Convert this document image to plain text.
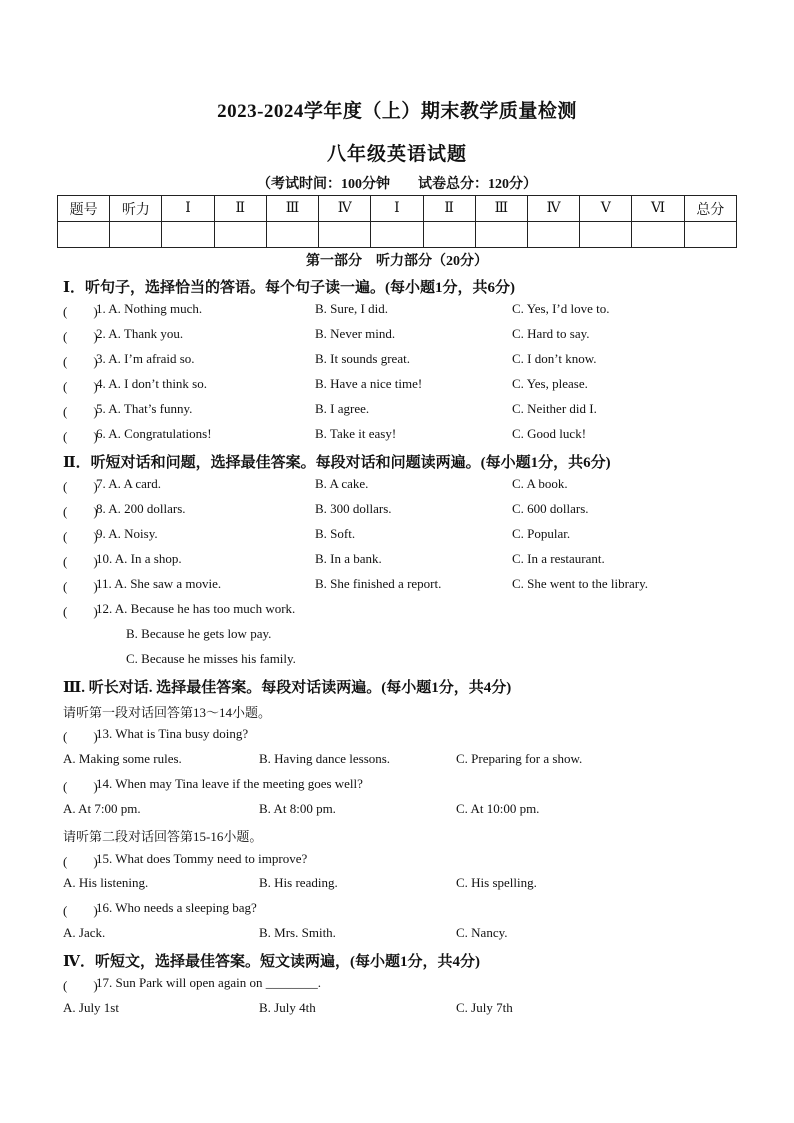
2023-2024学年度（上）期末教学质量检测
八年级英语试题
（考试时间：100分钟 试卷总分：120分）
题号	听力	Ⅰ	Ⅱ	Ⅲ	Ⅳ	Ⅰ	Ⅱ	Ⅲ	Ⅳ	Ⅴ	Ⅵ	总分

第一部分　听力部分（20分）
Ⅰ．听句子，选择恰当的答语。每个句子读一遍。(每小题1分，共6分)
(　　)
1. A. Nothing much.	B. Sure, I did.	C. Yes, I’d love to.
(　　)
2. A. Thank you.	B. Never mind.	C. Hard to say.
(　　)
3. A. I’m afraid so.	B. It sounds great.	C. I don’t know.
(　　)
4. A. I don’t think so.	B. Have a nice time!	C. Yes, please.
(　　)
5. A. That’s funny.	B. I agree.	C. Neither did I.
(　　)
6. A. Congratulations!	B. Take it easy!	C. Good luck!
Ⅱ．听短对话和问题，选择最佳答案。每段对话和问题读两遍。(每小题1分，共6分)
(　　)
7. A. A card.	B. A cake.	C. A book.
(　　)
8. A. 200 dollars.	B. 300 dollars.	C. 600 dollars.
(　　)
9. A. Noisy.	B. Soft.	C. Popular.
(　　)
10. A. In a shop.	B. In a bank.	C. In a restaurant.
(　　)
11. A. She saw a movie.	B. She finished a report.	C. She went to the library.
(　　)
12. A. Because he has too much work.
B. Because he gets low pay.
C. Because he misses his family.
Ⅲ. 听长对话. 选择最佳答案。每段对话读两遍。(每小题1分，共4分)
请听第一段对话回答第13～14小题。
(　　)
13. What is Tina busy doing?
A. Making some rules.	B. Having dance lessons.	C. Preparing for a show.
(　　)
14. When may Tina leave if the meeting goes well?
A. At 7:00 pm.	B. At 8:00 pm.	C. At 10:00 pm.
请听第二段对话回答第15-16小题。
(　　)
15. What does Tommy need to improve?
A. His listening.	B. His reading.	C. His spelling.
(　　)
16. Who needs a sleeping bag?
A. Jack.	B. Mrs. Smith.	C. Nancy.
Ⅳ．听短文，选择最佳答案。短文读两遍，(每小题1分，共4分)
(　　)
17. Sun Park will open again on ________.
A. July 1st	B. July 4th	C. July 7th
